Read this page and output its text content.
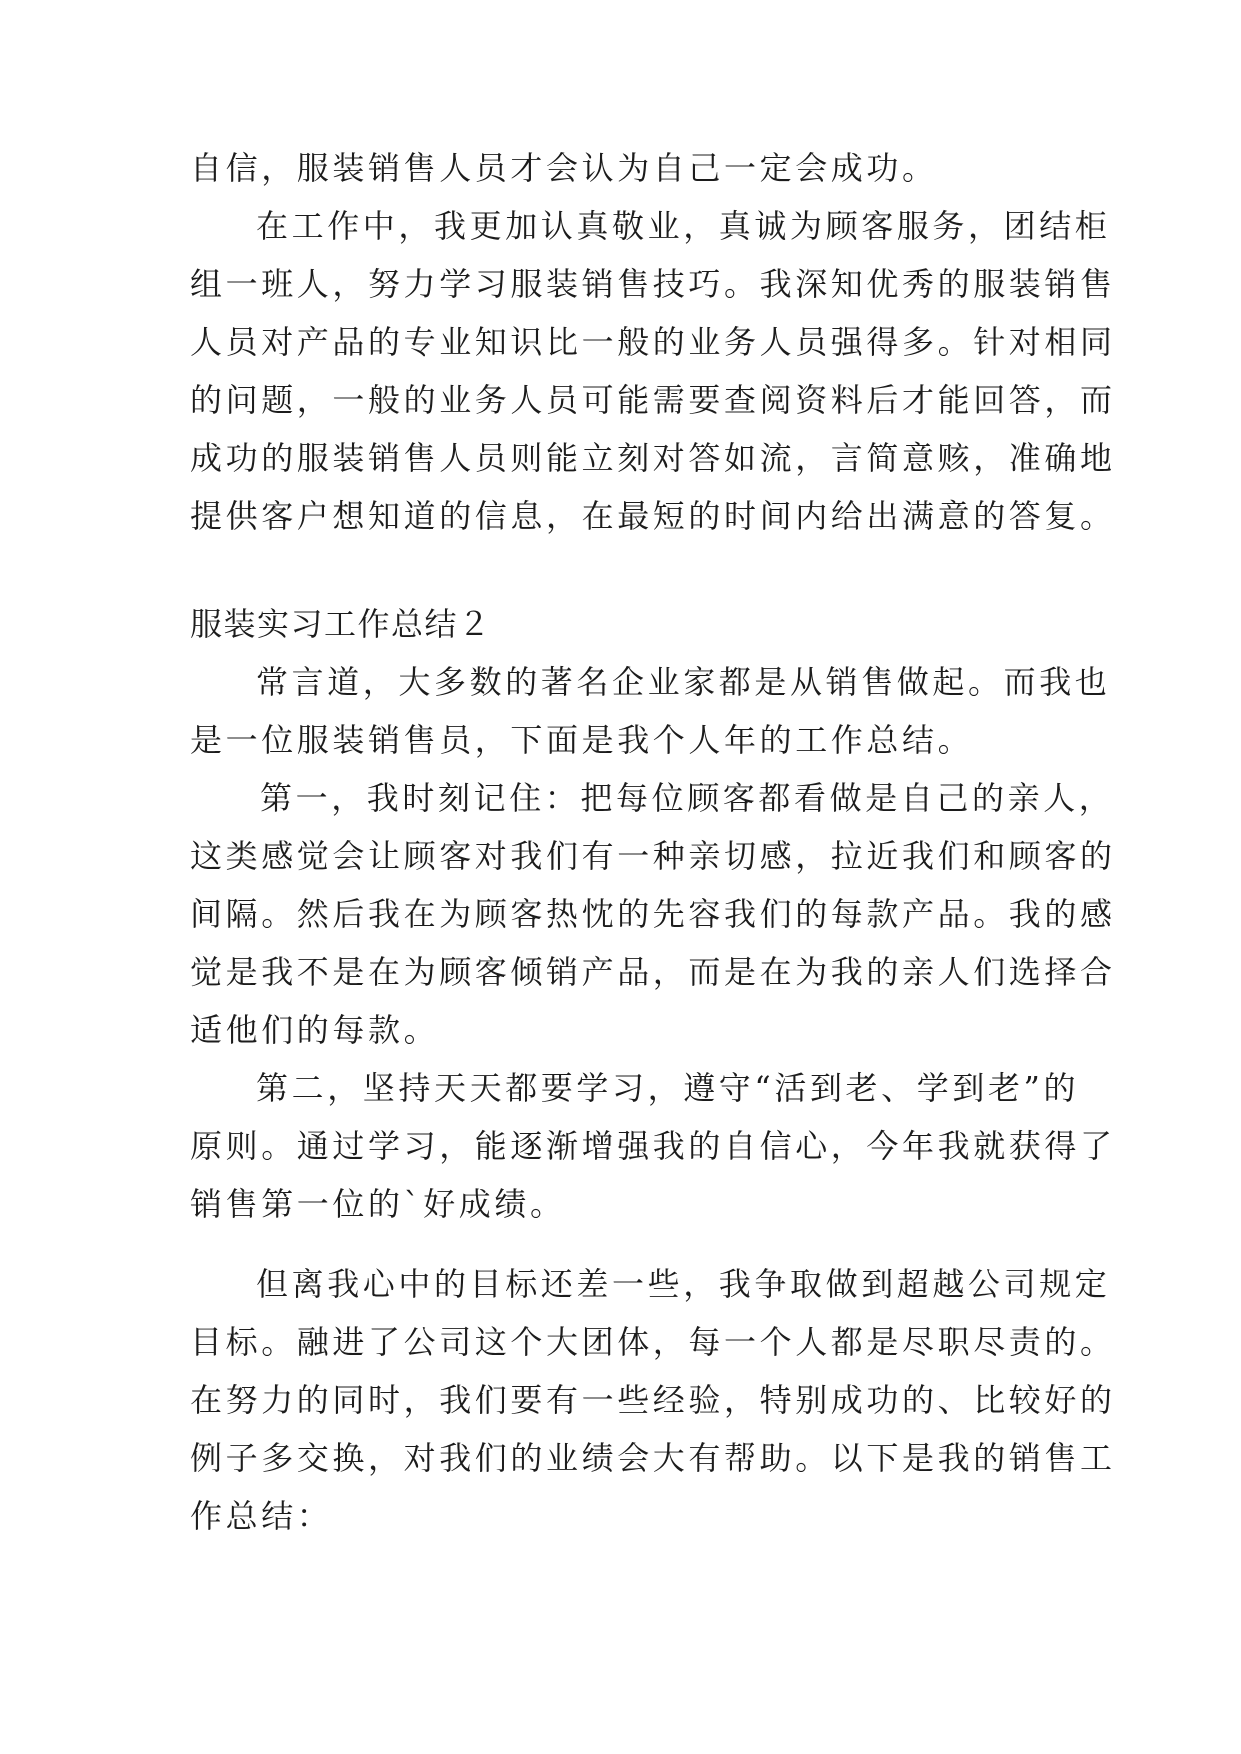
自信，服装销售人员才会认为自己一定会成功。

在工作中，我更加认真敬业，真诚为顾客服务，团结柜

组一班人，努力学习服装销售技巧。我深知优秀的服装销售

人员对产品的专业知识比一般的业务人员强得多。针对相同

的问题，一般的业务人员可能需要查阅资料后才能回答，而

成功的服装销售人员则能立刻对答如流，言简意赅，准确地

提供客户想知道的信息，在最短的时间内给出满意的答复。

服装实习工作总结２

常言道，大多数的著名企业家都是从销售做起。而我也

是一位服装销售员，下面是我个人年的工作总结。

第一，我时刻记住：把每位顾客都看做是自己的亲人，

这类感觉会让顾客对我们有一种亲切感，拉近我们和顾客的

间隔。然后我在为顾客热忱的先容我们的每款产品。我的感

觉是我不是在为顾客倾销产品，而是在为我的亲人们选择合

适他们的每款。

第二，坚持天天都要学习，遵守“活到老、学到老”的

原则。通过学习，能逐渐增强我的自信心，今年我就获得了

销售第一位的`好成绩。

但离我心中的目标还差一些，我争取做到超越公司规定

目标。融进了公司这个大团体，每一个人都是尽职尽责的。

在努力的同时，我们要有一些经验，特别成功的、比较好的

例子多交换，对我们的业绩会大有帮助。以下是我的销售工

作总结：
